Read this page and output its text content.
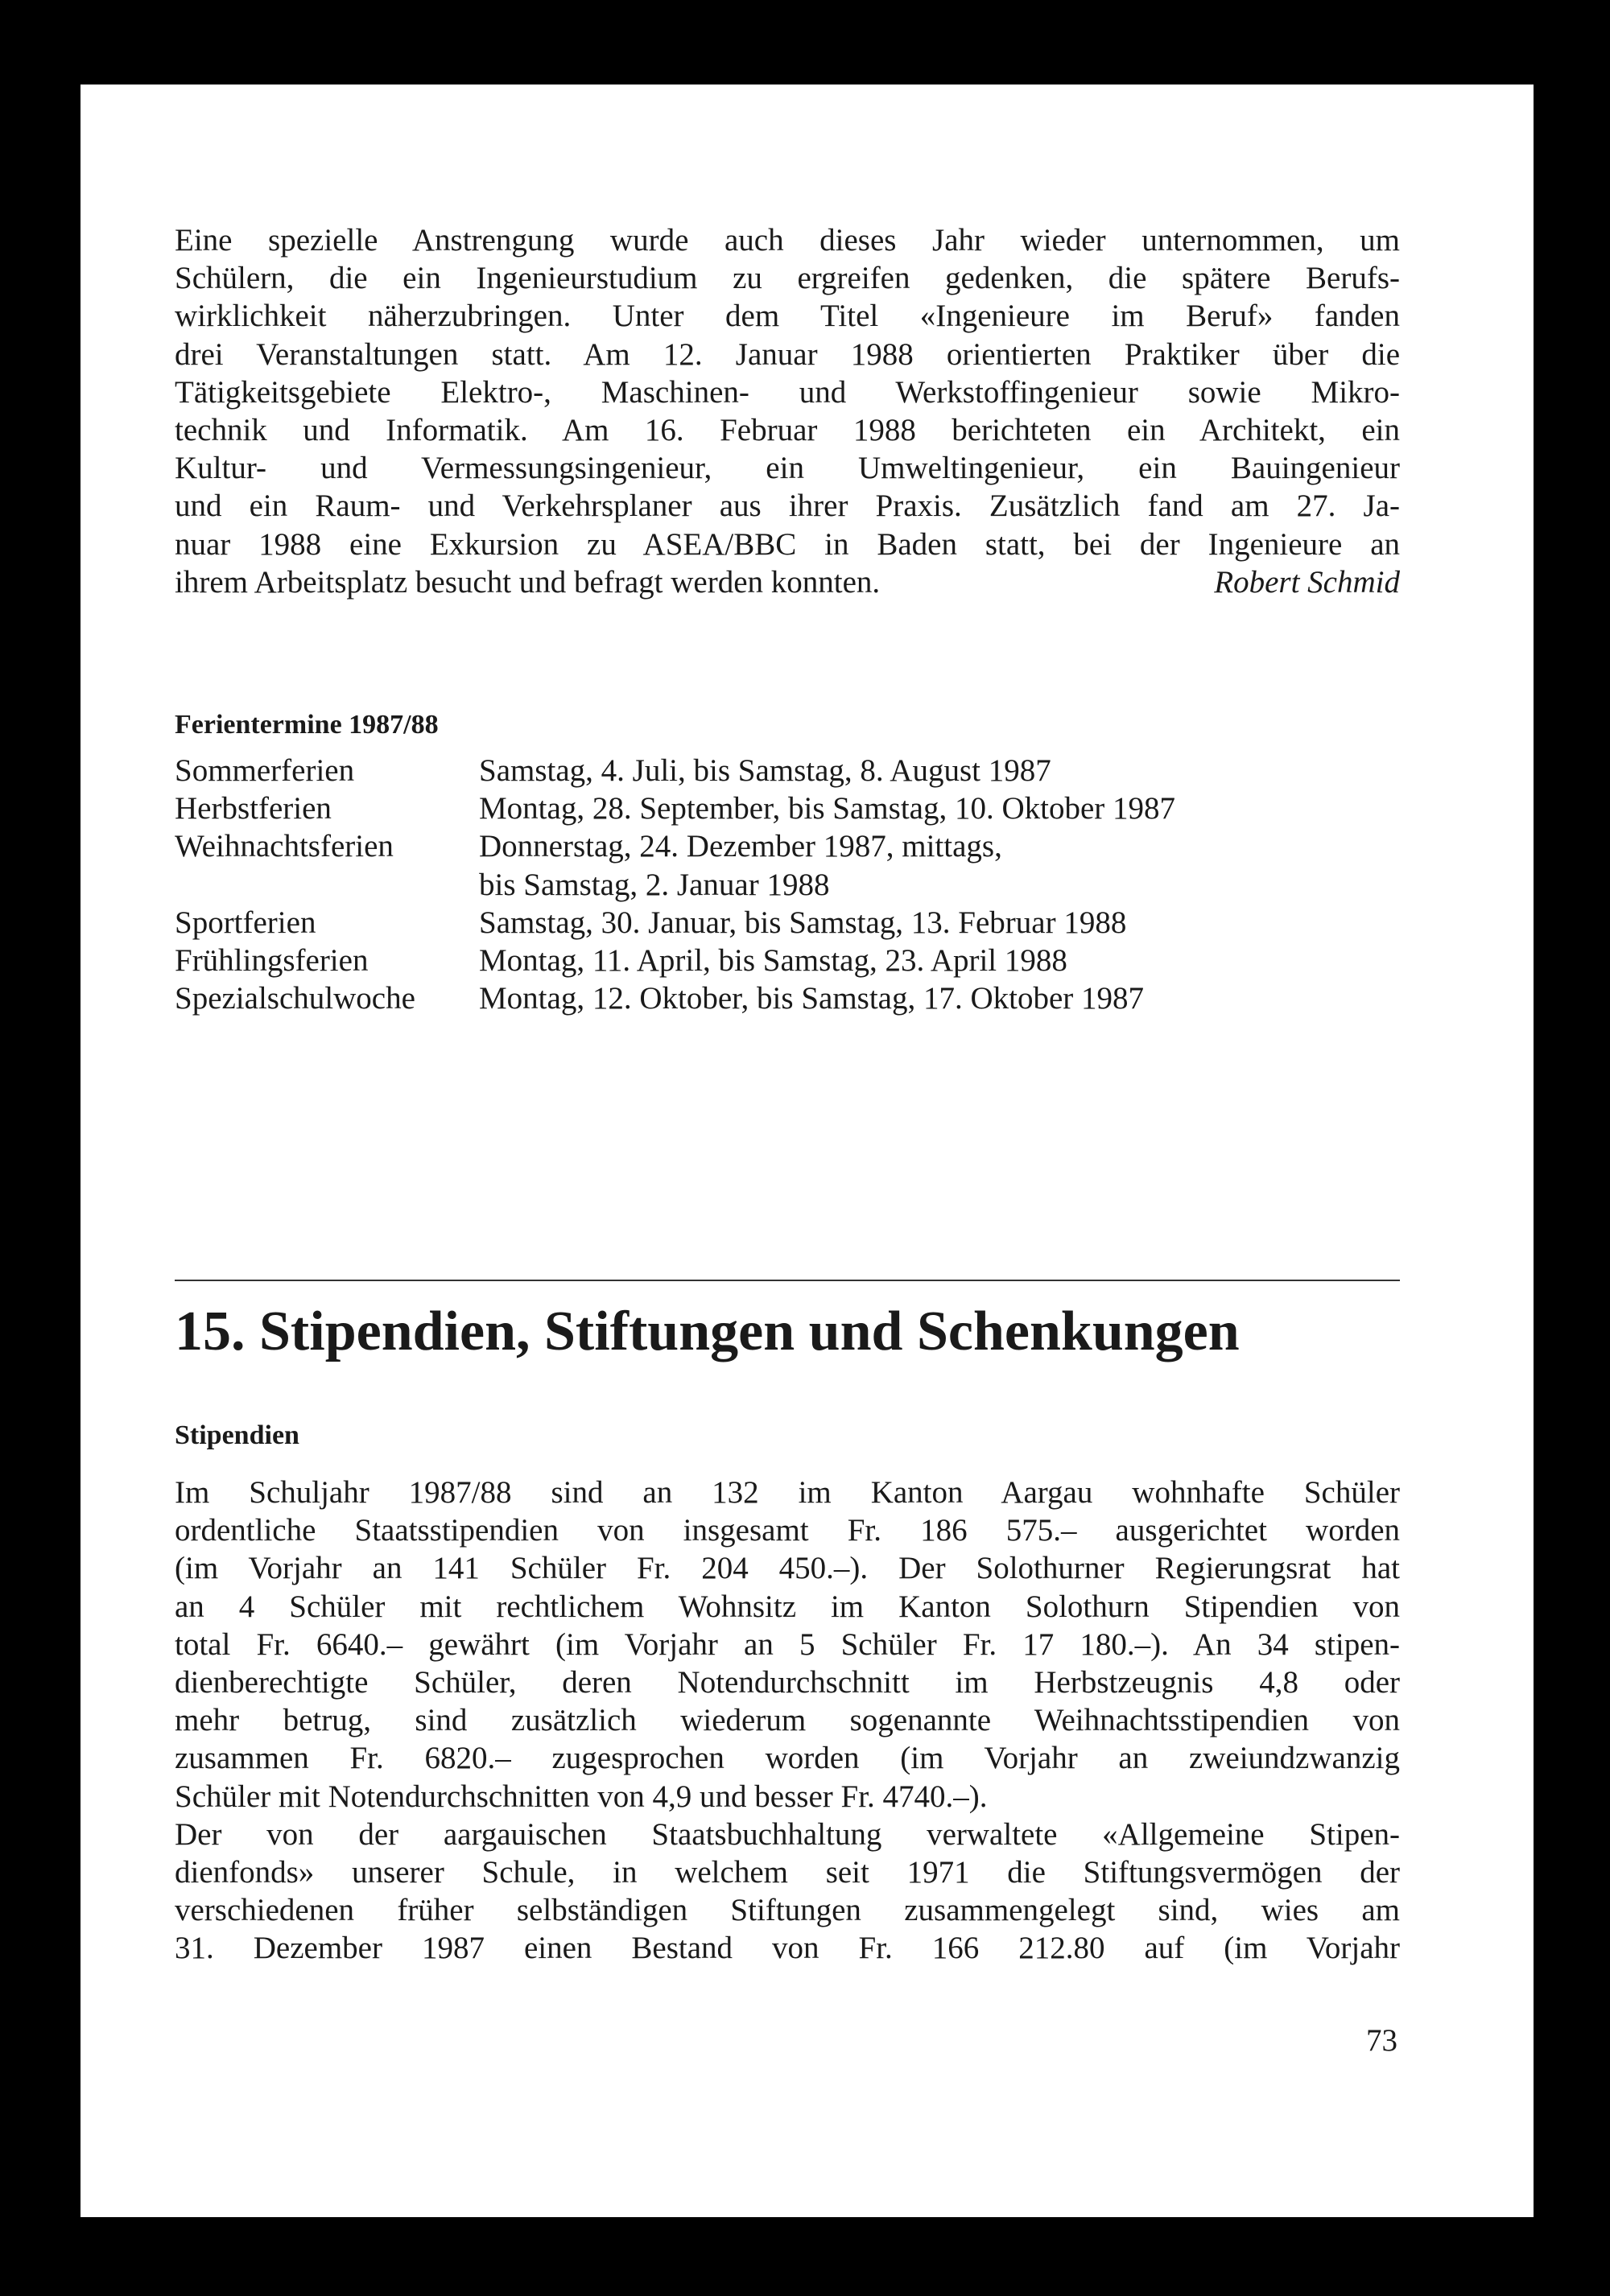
Eine spezielle Anstrengung wurde auch dieses Jahr wieder unternommen, um
Schülern, die ein Ingenieurstudium zu ergreifen gedenken, die spätere Berufs-
wirklichkeit näherzubringen. Unter dem Titel «Ingenieure im Beruf» fanden
drei Veranstaltungen statt. Am 12. Januar 1988 orientierten Praktiker über die
Tätigkeitsgebiete Elektro-, Maschinen- und Werkstoffingenieur sowie Mikro-
technik und Informatik. Am 16. Februar 1988 berichteten ein Architekt, ein
Kultur- und Vermessungsingenieur, ein Umweltingenieur, ein Bauingenieur
und ein Raum- und Verkehrsplaner aus ihrer Praxis. Zusätzlich fand am 27. Ja-
nuar 1988 eine Exkursion zu ASEA/BBC in Baden statt, bei der Ingenieure an
ihrem Arbeitsplatz besucht und befragt werden konnten.	Robert Schmid
Ferientermine 1987/88
Sommerferien	Samstag, 4. Juli, bis Samstag, 8. August 1987
Herbstferien	Montag, 28. September, bis Samstag, 10. Oktober 1987
Weihnachtsferien	Donnerstag, 24. Dezember 1987, mittags,
bis Samstag, 2. Januar 1988
Sportferien	Samstag, 30. Januar, bis Samstag, 13. Februar 1988
Frühlingsferien	Montag, 11. April, bis Samstag, 23. April 1988
Spezialschulwoche	Montag, 12. Oktober, bis Samstag, 17. Oktober 1987
15. Stipendien, Stiftungen und Schenkungen
Stipendien
Im Schuljahr 1987/88 sind an 132 im Kanton Aargau wohnhafte Schüler
ordentliche Staatsstipendien von insgesamt Fr. 186 575.– ausgerichtet worden
(im Vorjahr an 141 Schüler Fr. 204 450.–). Der Solothurner Regierungsrat hat
an 4 Schüler mit rechtlichem Wohnsitz im Kanton Solothurn Stipendien von
total Fr. 6640.– gewährt (im Vorjahr an 5 Schüler Fr. 17 180.–). An 34 stipen-
dienberechtigte Schüler, deren Notendurchschnitt im Herbstzeugnis 4,8 oder
mehr betrug, sind zusätzlich wiederum sogenannte Weihnachtsstipendien von
zusammen Fr. 6820.– zugesprochen worden (im Vorjahr an zweiundzwanzig
Schüler mit Notendurchschnitten von 4,9 und besser Fr. 4740.–).
Der von der aargauischen Staatsbuchhaltung verwaltete «Allgemeine Stipen-
dienfonds» unserer Schule, in welchem seit 1971 die Stiftungsvermögen der
verschiedenen früher selbständigen Stiftungen zusammengelegt sind, wies am
31. Dezember 1987 einen Bestand von Fr. 166 212.80 auf (im Vorjahr
73
